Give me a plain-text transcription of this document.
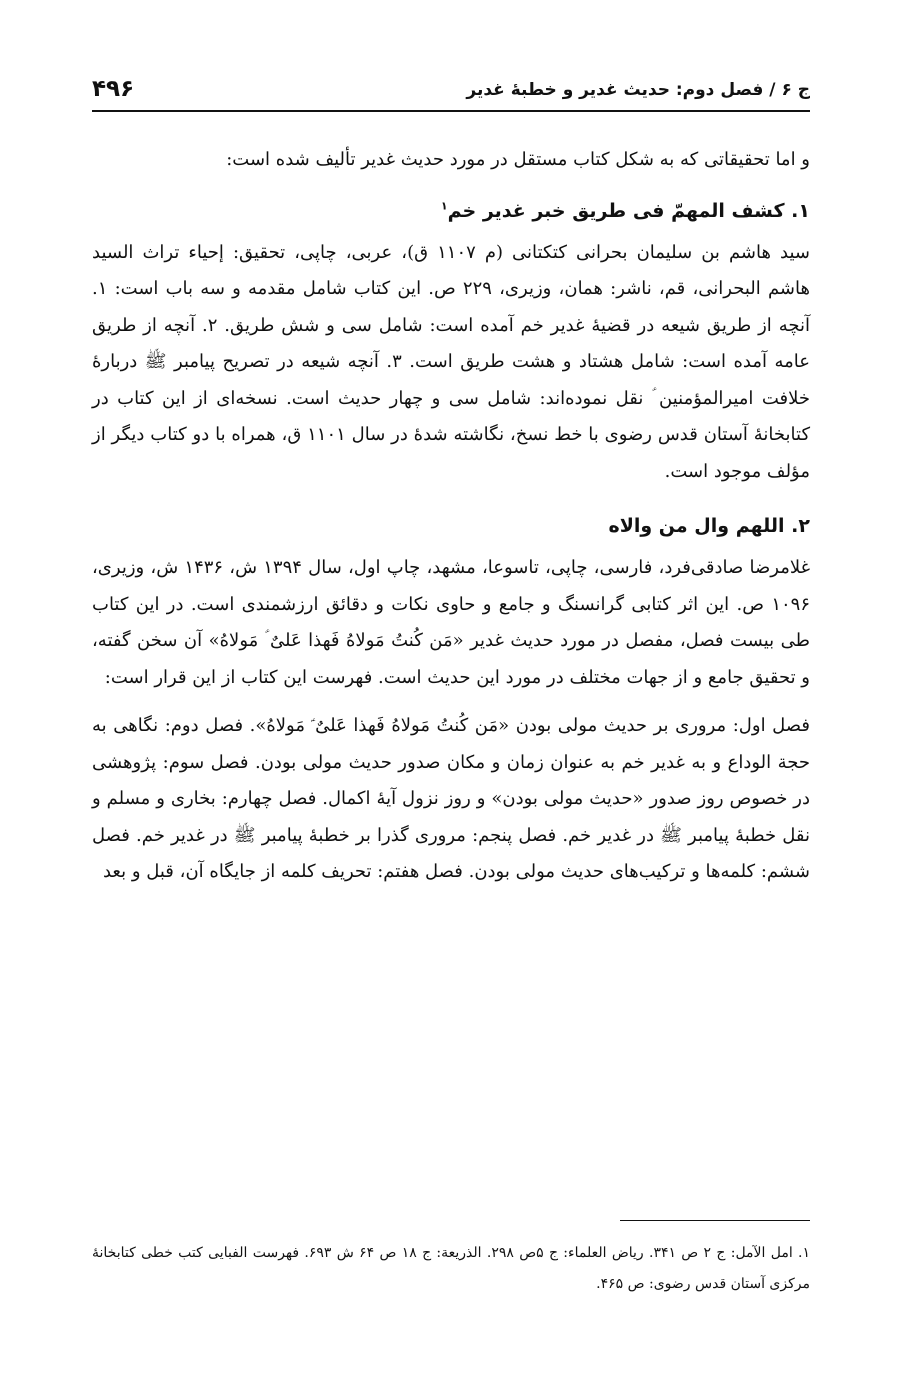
ج ۶ / فصل دوم: حدیث غدیر و خطبهٔ غدیر
۴۹۶

و اما تحقیقاتی که به شکل کتاب مستقل در مورد حدیث غدیر تألیف شده است:

۱. کشف المهمّ فی طریق خبر غدیر خم$^۱$

سید هاشم بن سلیمان بحرانی کتکتانی (م ۱۱۰۷ ق)، عربی، چاپی، تحقیق: إحیاء تراث السید هاشم البحرانی، قم، ناشر: همان، وزیری، ۲۲۹ ص. این کتاب شامل مقدمه و سه باب است: ۱. آنچه از طریق شیعه در قضیهٔ غدیر خم آمده است: شامل سی و شش طریق. ۲. آنچه از طریق عامه آمده است: شامل هشتاد و هشت طریق است. ۳. آنچه شیعه در تصریح پیامبر ﷺ دربارهٔ خلافت امیرالمؤمنین ؑ نقل نموده‌اند: شامل سی و چهار حدیث است. نسخه‌ای از این کتاب در کتابخانهٔ آستان قدس رضوی با خط نسخ، نگاشته شدهٔ در سال ۱۱۰۱ ق، همراه با دو کتاب دیگر از مؤلف موجود است.

۲. اللهم وال من والاه

غلامرضا صادقی‌فرد، فارسی، چاپی، تاسوعا، مشهد، چاپ اول، سال ۱۳۹۴ ش، ۱۴۳۶ ش، وزیری، ۱۰۹۶ ص. این اثر کتابی گرانسنگ و جامع و حاوی نکات و دقائق ارزشمندی است. در این کتاب طی بیست فصل، مفصل در مورد حدیث غدیر «مَن کُنتُ مَولاهُ فَهذا عَلیٌ ؑ مَولاهُ» آن سخن گفته، و تحقیق جامع و از جهات مختلف در مورد این حدیث است. فهرست این کتاب از این قرار است:

فصل اول: مروری بر حدیث مولی بودن «مَن کُنتُ مَولاهُ فَهذا عَلیٌ ؑ مَولاهُ». فصل دوم: نگاهی به حجة الوداع و به غدیر خم به عنوان زمان و مکان صدور حدیث مولی بودن. فصل سوم: پژوهشی در خصوص روز صدور «حدیث مولی بودن» و روز نزول آیهٔ اکمال. فصل چهارم: بخاری و مسلم و نقل خطبهٔ پیامبر ﷺ در غدیر خم. فصل پنجم: مروری گذرا بر خطبهٔ پیامبر ﷺ در غدیر خم. فصل ششم: کلمه‌ها و ترکیب‌های حدیث مولی بودن. فصل هفتم: تحریف کلمه از جایگاه آن، قبل و بعد

۱. امل الآمل: ج ۲ ص ۳۴۱. ریاض العلماء: ج ۵ص ۲۹۸. الذریعة: ج ۱۸ ص ۶۴ ش ۶۹۳. فهرست الفبایی کتب خطی کتابخانهٔ مرکزی آستان قدس رضوی: ص ۴۶۵.
